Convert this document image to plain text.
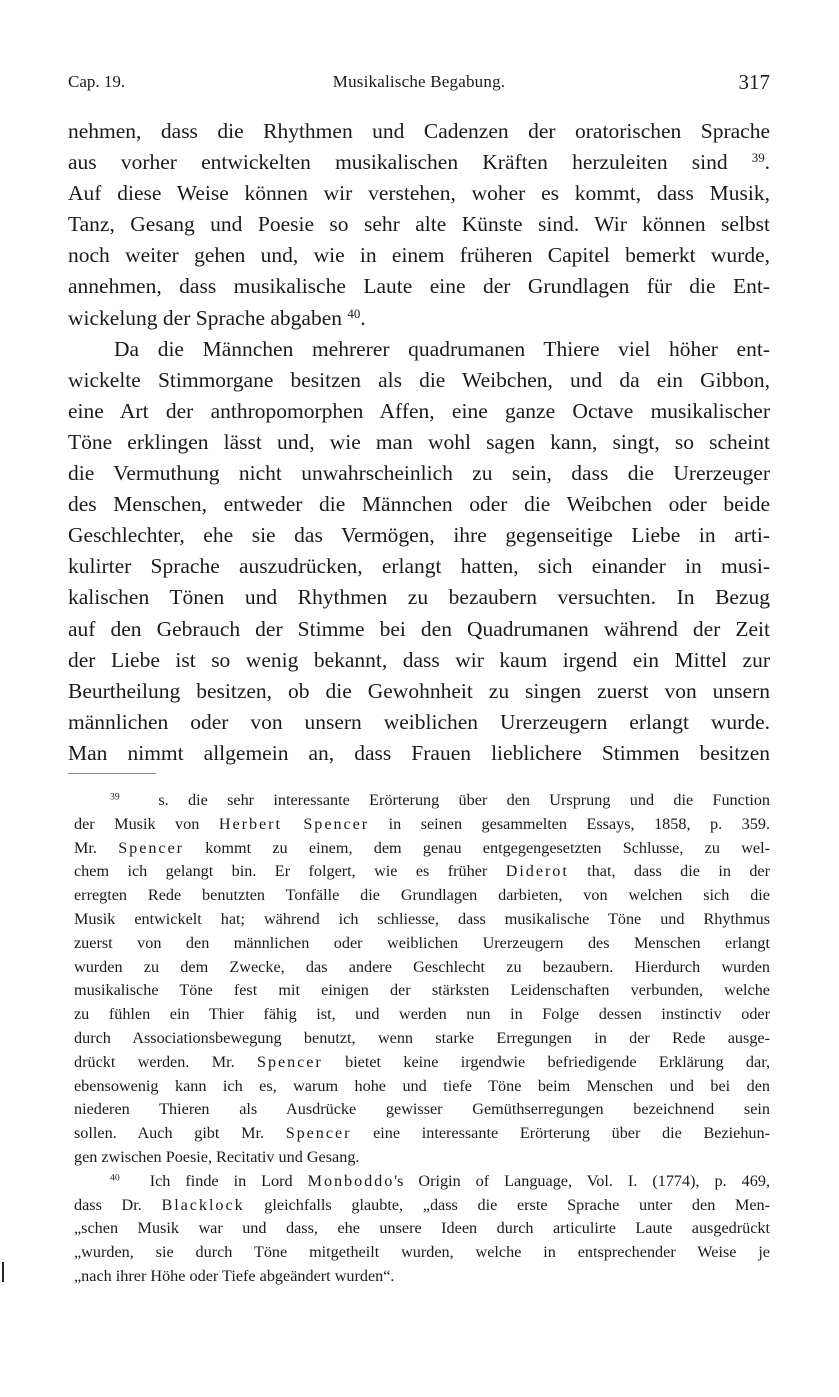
Cap. 19.	Musikalische Begabung.	317
nehmen, dass die Rhythmen und Cadenzen der oratorischen Sprache
aus vorher entwickelten musikalischen Kräften herzuleiten sind $^{39}$.
Auf diese Weise können wir verstehen, woher es kommt, dass Musik,
Tanz, Gesang und Poesie so sehr alte Künste sind. Wir können selbst
noch weiter gehen und, wie in einem früheren Capitel bemerkt wurde,
annehmen, dass musikalische Laute eine der Grundlagen für die Ent-
wickelung der Sprache abgaben $^{40}$.
Da die Männchen mehrerer quadrumanen Thiere viel höher ent-
wickelte Stimmorgane besitzen als die Weibchen, und da ein Gibbon,
eine Art der anthropomorphen Affen, eine ganze Octave musikalischer
Töne erklingen lässt und, wie man wohl sagen kann, singt, so scheint
die Vermuthung nicht unwahrscheinlich zu sein, dass die Urerzeuger
des Menschen, entweder die Männchen oder die Weibchen oder beide
Geschlechter, ehe sie das Vermögen, ihre gegenseitige Liebe in arti-
kulirter Sprache auszudrücken, erlangt hatten, sich einander in musi-
kalischen Tönen und Rhythmen zu bezaubern versuchten. In Bezug
auf den Gebrauch der Stimme bei den Quadrumanen während der Zeit
der Liebe ist so wenig bekannt, dass wir kaum irgend ein Mittel zur
Beurtheilung besitzen, ob die Gewohnheit zu singen zuerst von unsern
männlichen oder von unsern weiblichen Urerzeugern erlangt wurde.
Man nimmt allgemein an, dass Frauen lieblichere Stimmen besitzen
$^{39}$ s. die sehr interessante Erörterung über den Ursprung und die Function
der Musik von Herbert Spencer in seinen gesammelten Essays, 1858, p. 359.
Mr. Spencer kommt zu einem, dem genau entgegengesetzten Schlusse, zu wel-
chem ich gelangt bin. Er folgert, wie es früher Diderot that, dass die in der
erregten Rede benutzten Tonfälle die Grundlagen darbieten, von welchen sich die
Musik entwickelt hat; während ich schliesse, dass musikalische Töne und Rhythmus
zuerst von den männlichen oder weiblichen Urerzeugern des Menschen erlangt
wurden zu dem Zwecke, das andere Geschlecht zu bezaubern. Hierdurch wurden
musikalische Töne fest mit einigen der stärksten Leidenschaften verbunden, welche
zu fühlen ein Thier fähig ist, und werden nun in Folge dessen instinctiv oder
durch Associationsbewegung benutzt, wenn starke Erregungen in der Rede ausge-
drückt werden. Mr. Spencer bietet keine irgendwie befriedigende Erklärung dar,
ebensowenig kann ich es, warum hohe und tiefe Töne beim Menschen und bei den
niederen Thieren als Ausdrücke gewisser Gemüthserregungen bezeichnend sein
sollen. Auch gibt Mr. Spencer eine interessante Erörterung über die Beziehun-
gen zwischen Poesie, Recitativ und Gesang.
$^{40}$ Ich finde in Lord Monboddo's Origin of Language, Vol. I. (1774), p. 469,
dass Dr. Blacklock gleichfalls glaubte, „dass die erste Sprache unter den Men-
„schen Musik war und dass, ehe unsere Ideen durch articulirte Laute ausgedrückt
„wurden, sie durch Töne mitgetheilt wurden, welche in entsprechender Weise je
„nach ihrer Höhe oder Tiefe abgeändert wurden“.
